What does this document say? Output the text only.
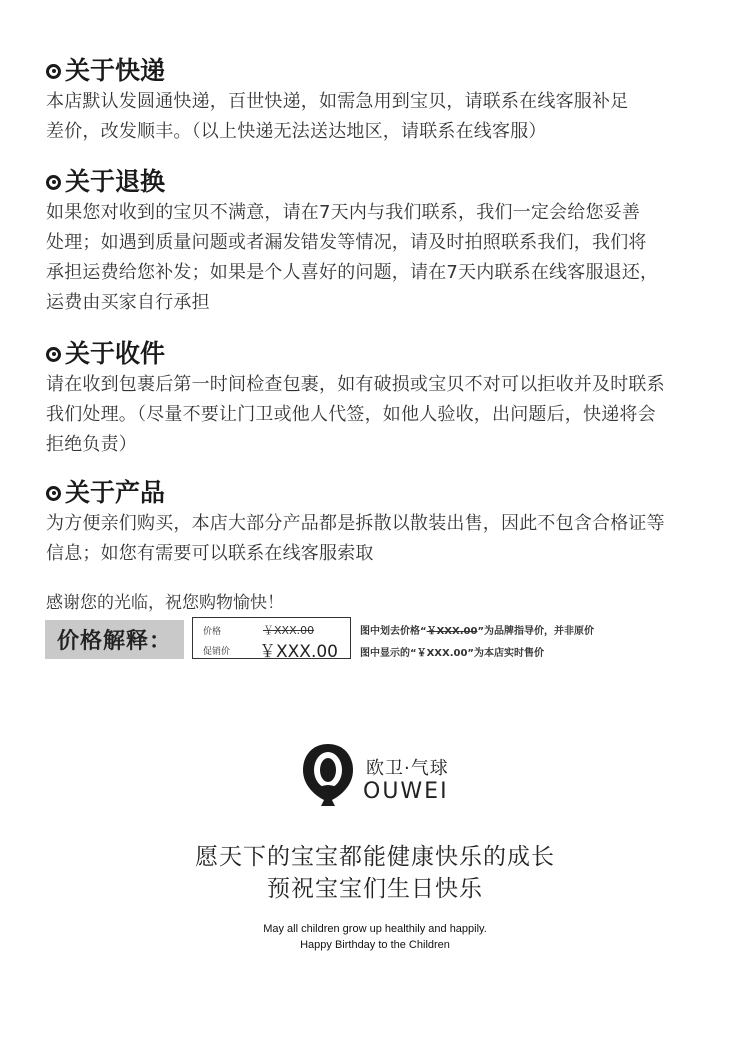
关于快递
本店默认发圆通快递，百世快递，如需急用到宝贝，请联系在线客服补足
差价，改发顺丰。（以上快递无法送达地区，请联系在线客服）
关于退换
如果您对收到的宝贝不满意，请在7天内与我们联系，我们一定会给您妥善
处理；如遇到质量问题或者漏发错发等情况，请及时拍照联系我们，我们将
承担运费给您补发；如果是个人喜好的问题，请在7天内联系在线客服退还，
运费由买家自行承担
关于收件
请在收到包裹后第一时间检查包裹，如有破损或宝贝不对可以拒收并及时联系
我们处理。（尽量不要让门卫或他人代签，如他人验收，出问题后，快递将会
拒绝负责）
关于产品
为方便亲们购买，本店大部分产品都是拆散以散装出售，因此不包含合格证等
信息；如您有需要可以联系在线客服索取
感谢您的光临，祝您购物愉快！
价格解释：	价格	￥XXX.00
促销价 ￥XXX.00
图中划去价格“￥XXX.00”为品牌指导价，并非原价
图中显示的“￥XXX.00”为本店实时售价
欧卫·气球
OUWEI
愿天下的宝宝都能健康快乐的成长
预祝宝宝们生日快乐
May all children grow up healthily and happily.
Happy Birthday to the Children
